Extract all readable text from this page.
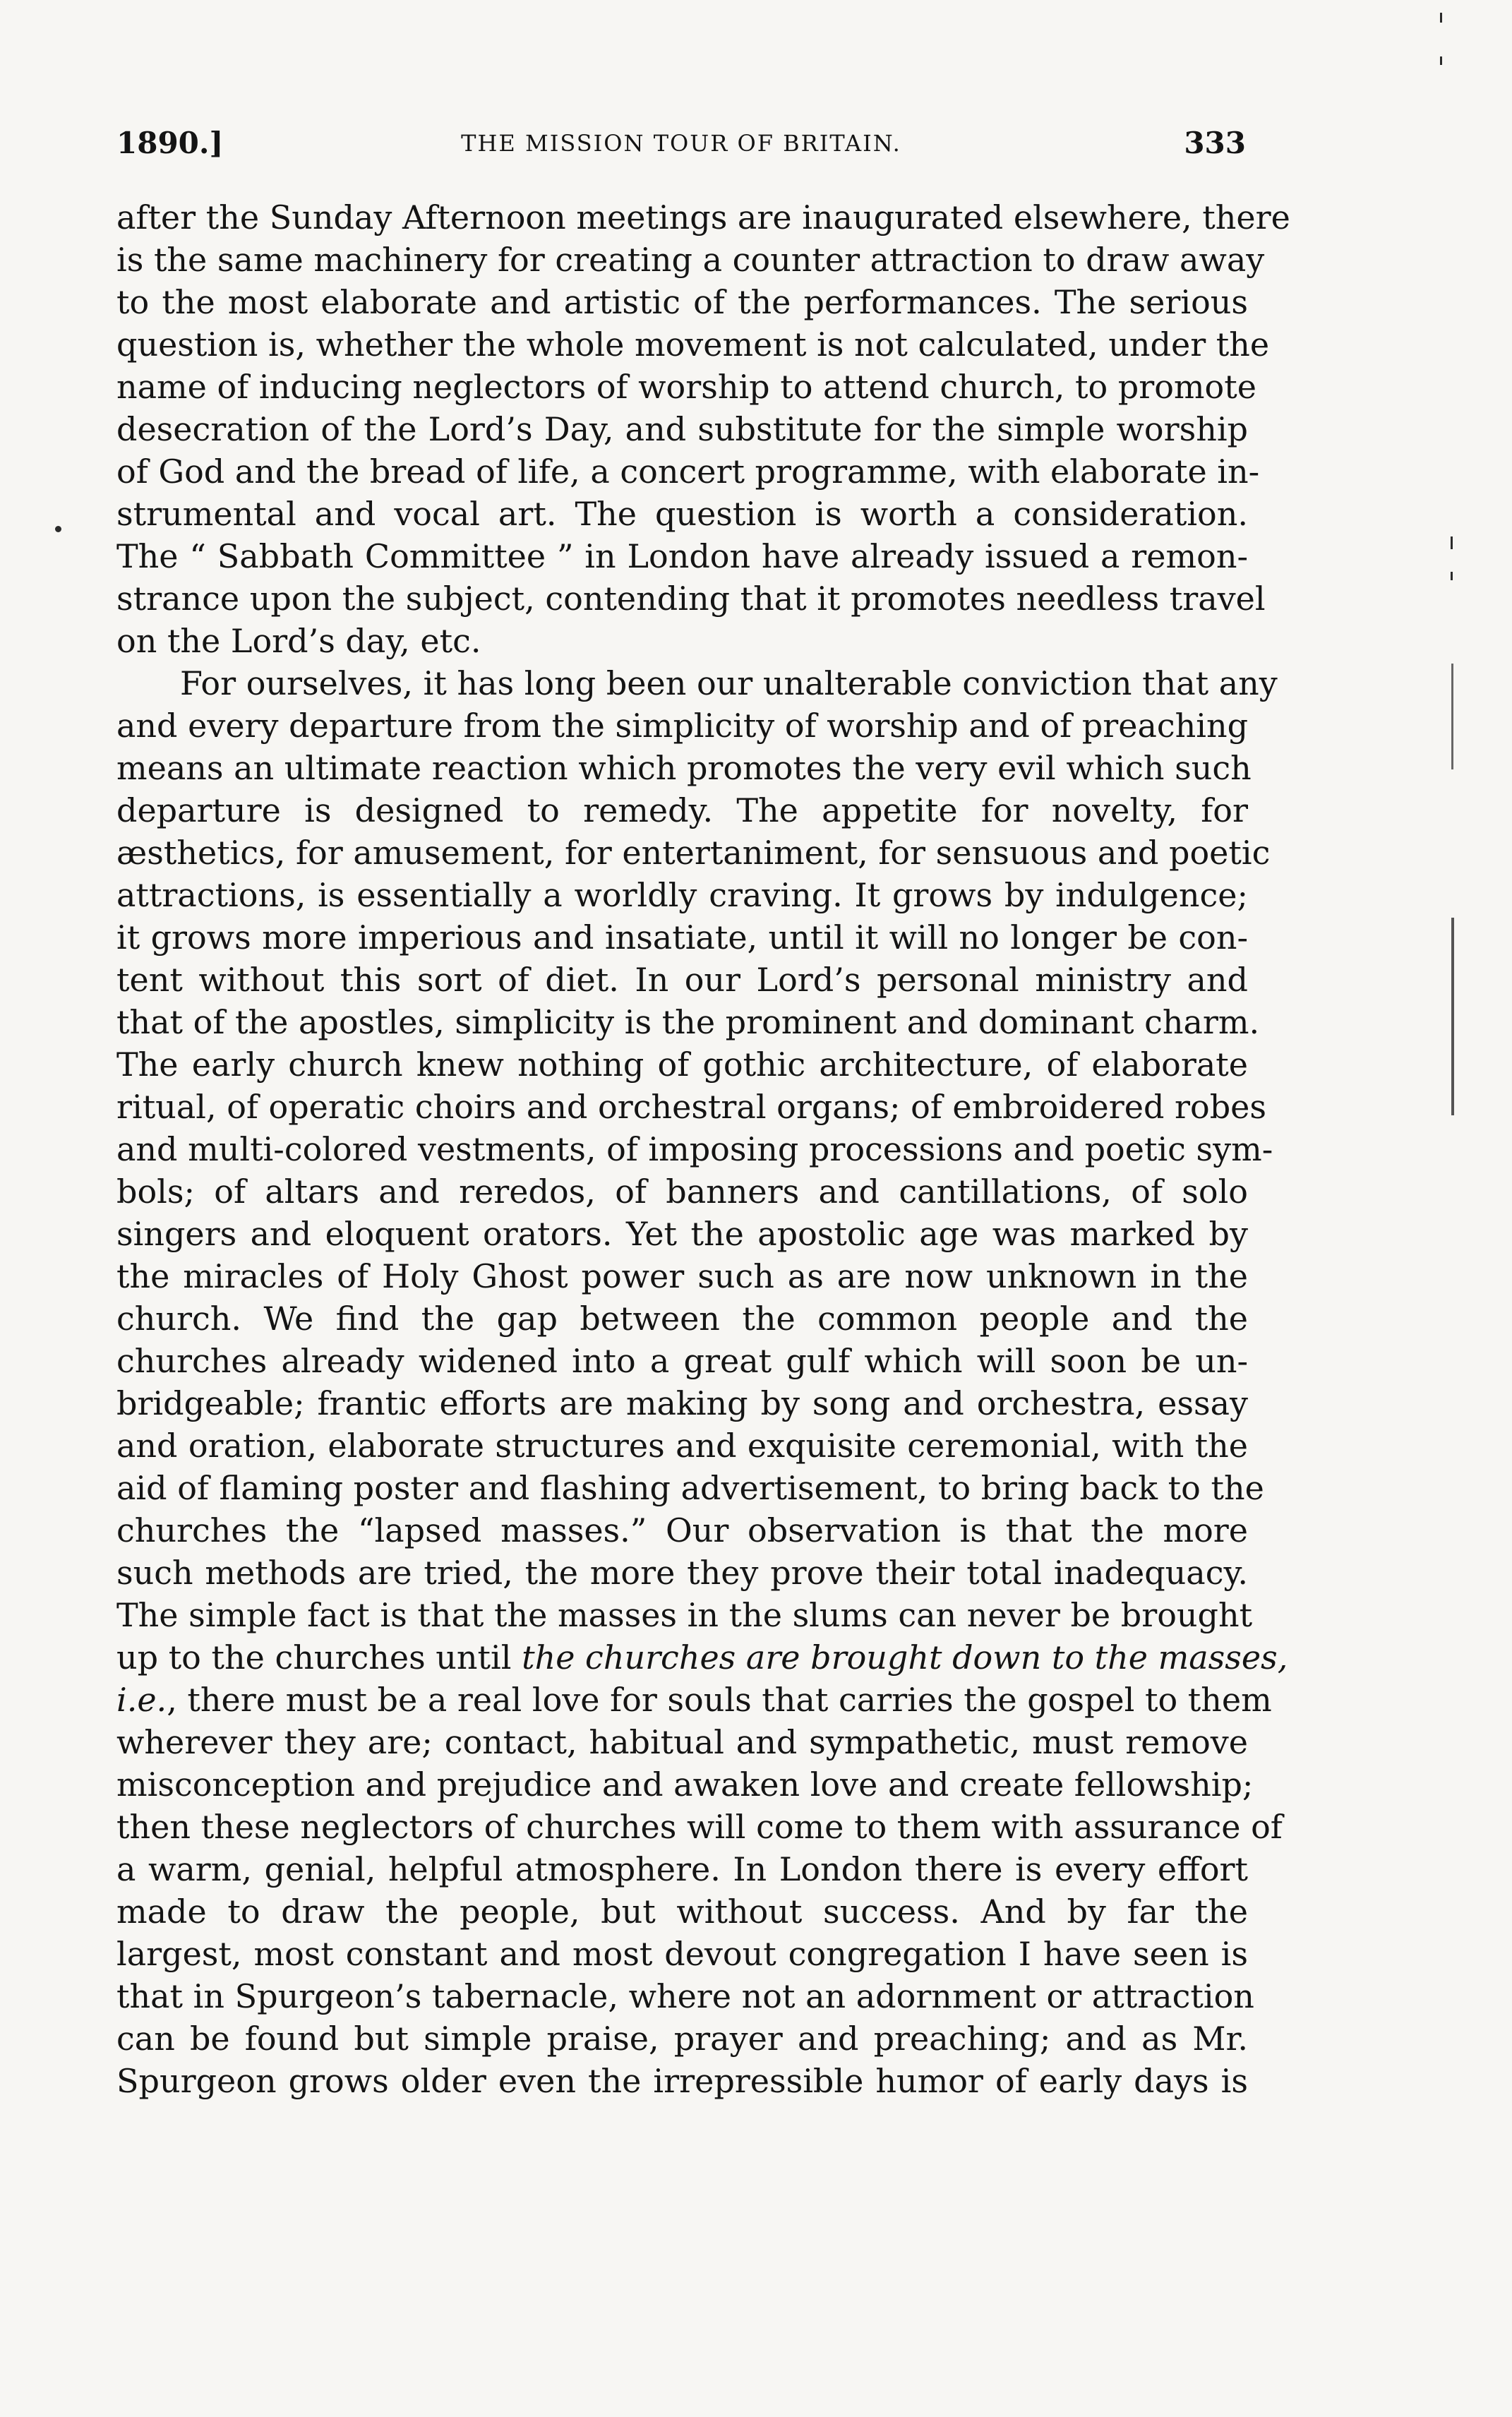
1890.]	THE MISSION TOUR OF BRITAIN.	333
after the Sunday Afternoon meetings are inaugurated elsewhere, there
is the same machinery for creating a counter attraction to draw away
to the most elaborate and artistic of the performances. The serious
question is, whether the whole movement is not calculated, under the
name of inducing neglectors of worship to attend church, to promote
desecration of the Lord’s Day, and substitute for the simple worship
of God and the bread of life, a concert programme, with elaborate in-
strumental and vocal art. The question is worth a consideration.
The “ Sabbath Committee ” in London have already issued a remon-
strance upon the subject, contending that it promotes needless travel
on the Lord’s day, etc.
For ourselves, it has long been our unalterable conviction that any
and every departure from the simplicity of worship and of preaching
means an ultimate reaction which promotes the very evil which such
departure is designed to remedy. The appetite for novelty, for
æsthetics, for amusement, for entertaniment, for sensuous and poetic
attractions, is essentially a worldly craving. It grows by indulgence;
it grows more imperious and insatiate, until it will no longer be con-
tent without this sort of diet. In our Lord’s personal ministry and
that of the apostles, simplicity is the prominent and dominant charm.
The early church knew nothing of gothic architecture, of elaborate
ritual, of operatic choirs and orchestral organs; of embroidered robes
and multi-colored vestments, of imposing processions and poetic sym-
bols; of altars and reredos, of banners and cantillations, of solo
singers and eloquent orators. Yet the apostolic age was marked by
the miracles of Holy Ghost power such as are now unknown in the
church. We find the gap between the common people and the
churches already widened into a great gulf which will soon be un-
bridgeable; frantic efforts are making by song and orchestra, essay
and oration, elaborate structures and exquisite ceremonial, with the
aid of flaming poster and flashing advertisement, to bring back to the
churches the “lapsed masses.” Our observation is that the more
such methods are tried, the more they prove their total inadequacy.
The simple fact is that the masses in the slums can never be brought
up to the churches until the churches are brought down to the masses,
i.e., there must be a real love for souls that carries the gospel to them
wherever they are; contact, habitual and sympathetic, must remove
misconception and prejudice and awaken love and create fellowship;
then these neglectors of churches will come to them with assurance of
a warm, genial, helpful atmosphere. In London there is every effort
made to draw the people, but without success. And by far the
largest, most constant and most devout congregation I have seen is
that in Spurgeon’s tabernacle, where not an adornment or attraction
can be found but simple praise, prayer and preaching; and as Mr.
Spurgeon grows older even the irrepressible humor of early days is
